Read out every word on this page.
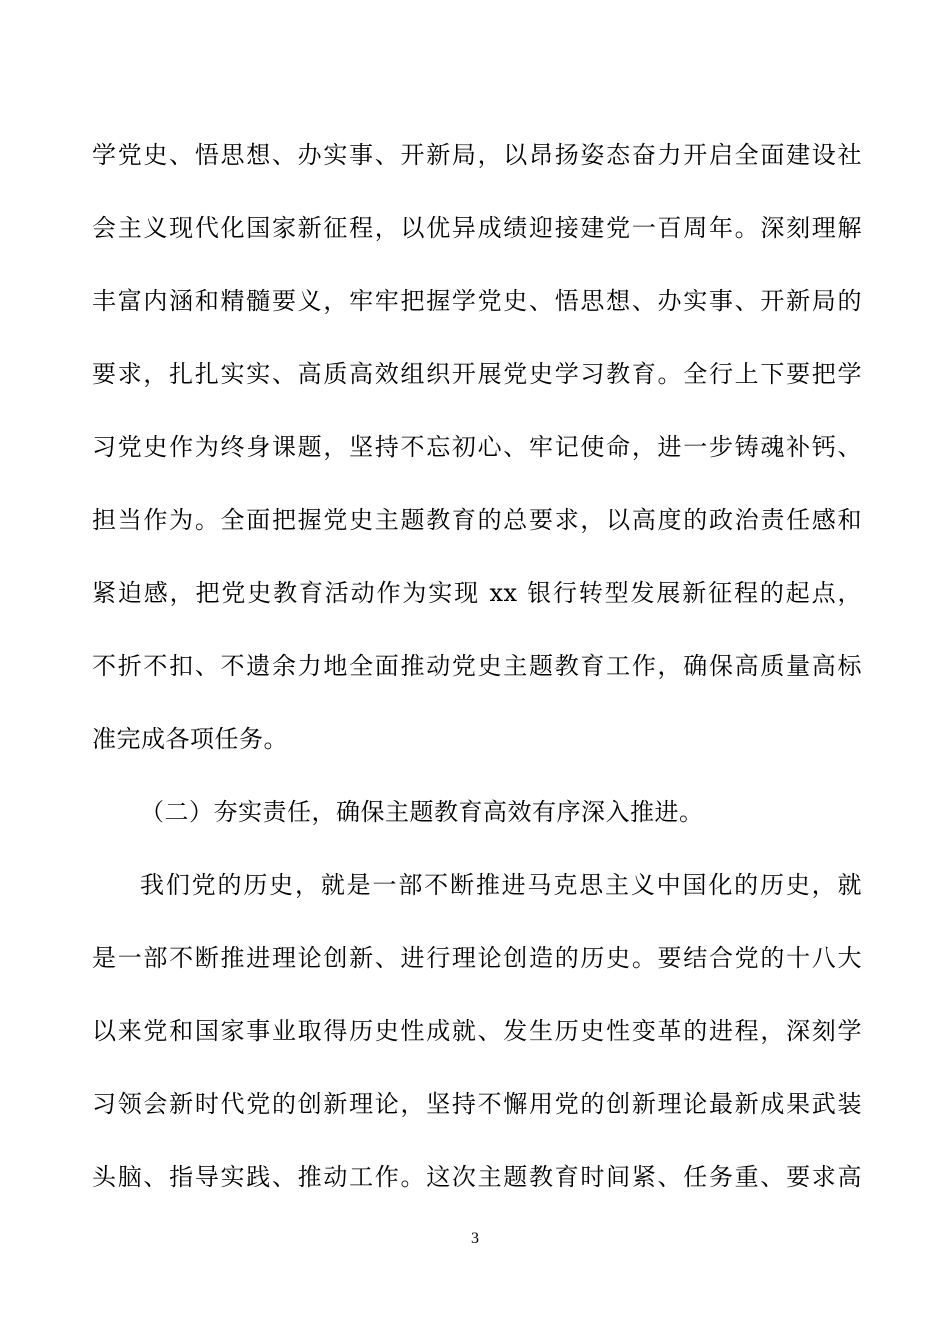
学党史、悟思想、办实事、开新局，以昂扬姿态奋力开启全面建设社
会主义现代化国家新征程，以优异成绩迎接建党一百周年。深刻理解
丰富内涵和精髓要义，牢牢把握学党史、悟思想、办实事、开新局的
要求，扎扎实实、高质高效组织开展党史学习教育。全行上下要把学
习党史作为终身课题，坚持不忘初心、牢记使命，进一步铸魂补钙、
担当作为。全面把握党史主题教育的总要求，以高度的政治责任感和
紧迫感，把党史教育活动作为实现 xx 银行转型发展新征程的起点，
不折不扣、不遗余力地全面推动党史主题教育工作，确保高质量高标
准完成各项任务。
（二）夯实责任，确保主题教育高效有序深入推进。
我们党的历史，就是一部不断推进马克思主义中国化的历史，就
是一部不断推进理论创新、进行理论创造的历史。要结合党的十八大
以来党和国家事业取得历史性成就、发生历史性变革的进程，深刻学
习领会新时代党的创新理论，坚持不懈用党的创新理论最新成果武装
头脑、指导实践、推动工作。这次主题教育时间紧、任务重、要求高
3
